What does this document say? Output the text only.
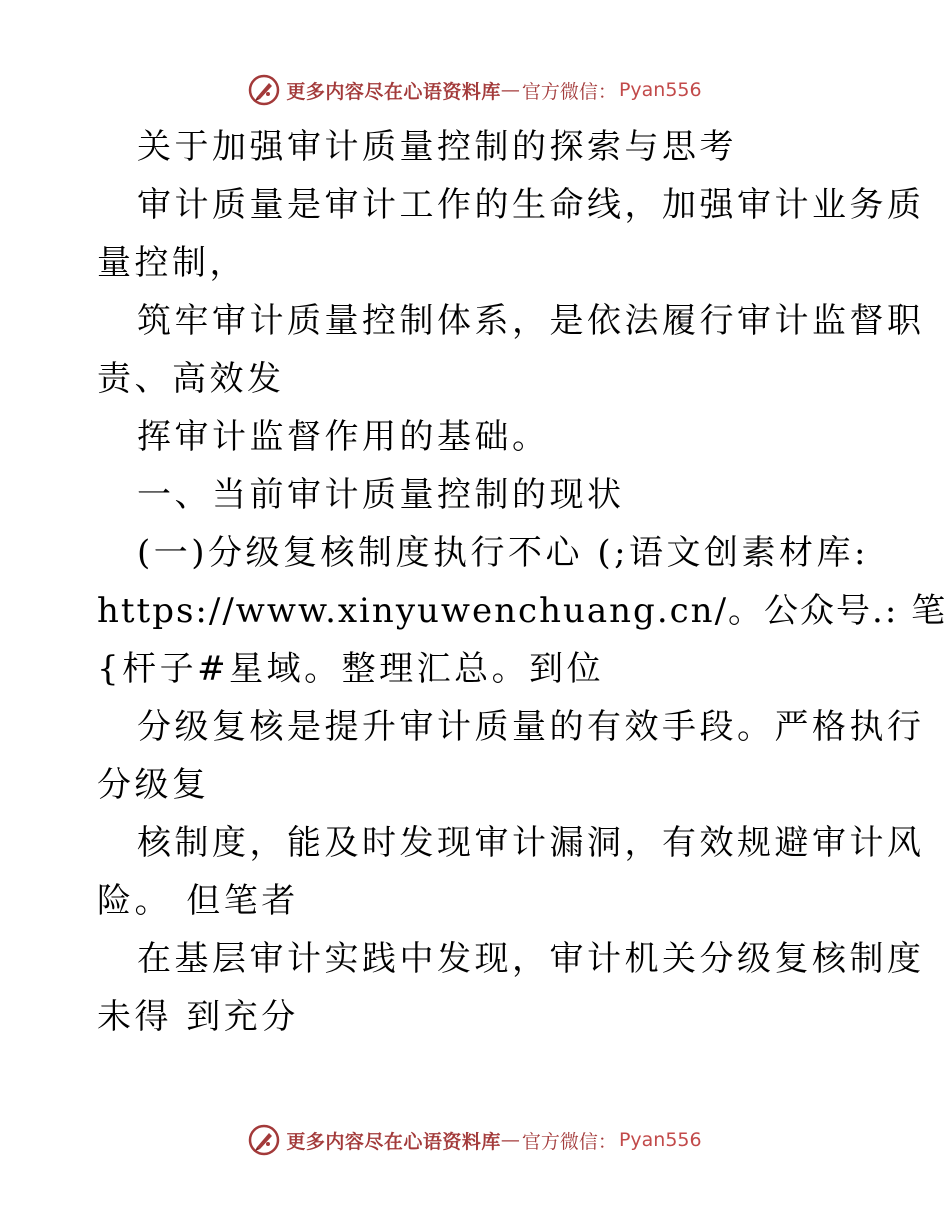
更多内容尽在心语资料库 — 官方微信： Pyan556
关于加强审计质量控制的探索与思考
审计质量是审计工作的生命线，加强审计业务质
量控制，
筑牢审计质量控制体系，是依法履行审计监督职
责、高效发
挥审计监督作用的基础。
一、当前审计质量控制的现状
(一)分级复核制度执行不心 (;语文创素材库:
https://www.xinyuwenchuang.cn/。公众号.: 笔
{杆子#星域。整理汇总。到位
分级复核是提升审计质量的有效手段。严格执行
分级复
核制度，能及时发现审计漏洞，有效规避审计风
险。 但笔者
在基层审计实践中发现，审计机关分级复核制度
未得 到充分
更多内容尽在心语资料库 — 官方微信： Pyan556
